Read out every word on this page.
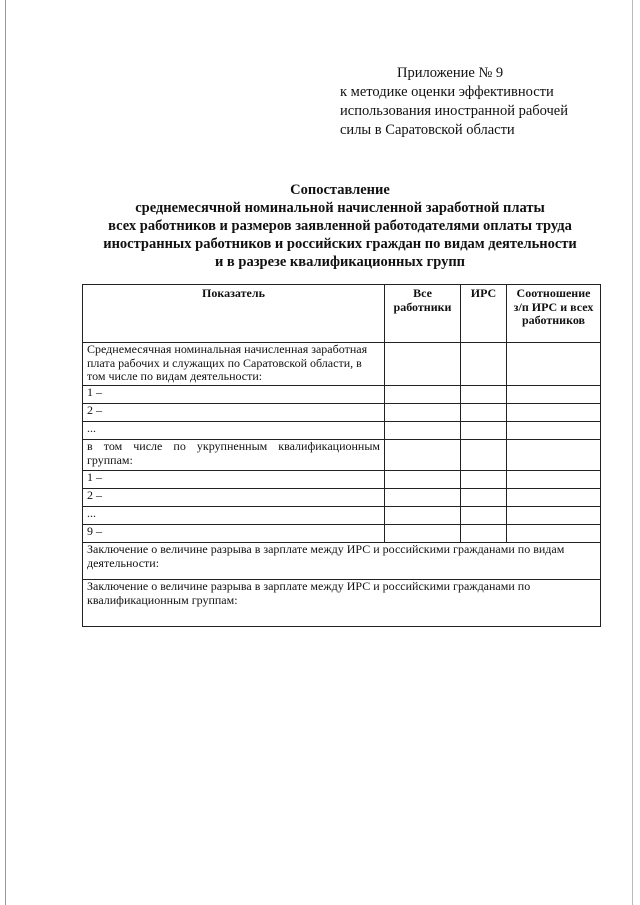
Приложение № 9
к методике оценки эффективности
использования иностранной рабочей
силы в Саратовской области
Сопоставление
среднемесячной номинальной начисленной заработной платы
всех работников и размеров заявленной работодателями оплаты труда
иностранных работников и российских граждан по видам деятельности
и в разрезе квалификационных групп
Показатель	Все работники	ИРС	Соотношение з/п ИРС и всех работников
Среднемесячная номинальная начисленная заработная плата рабочих и служащих по Саратовской области, в том числе по видам деятельности:			
1 –			
2 –			
...			
в том числе по укрупненным квалификационным группам:			
1 –			
2 –			
...			
9 –			
Заключение о величине разрыва в зарплате между ИРС и российскими гражданами по видам деятельности:			
Заключение о величине разрыва в зарплате между ИРС и российскими гражданами по квалификационным группам:			
